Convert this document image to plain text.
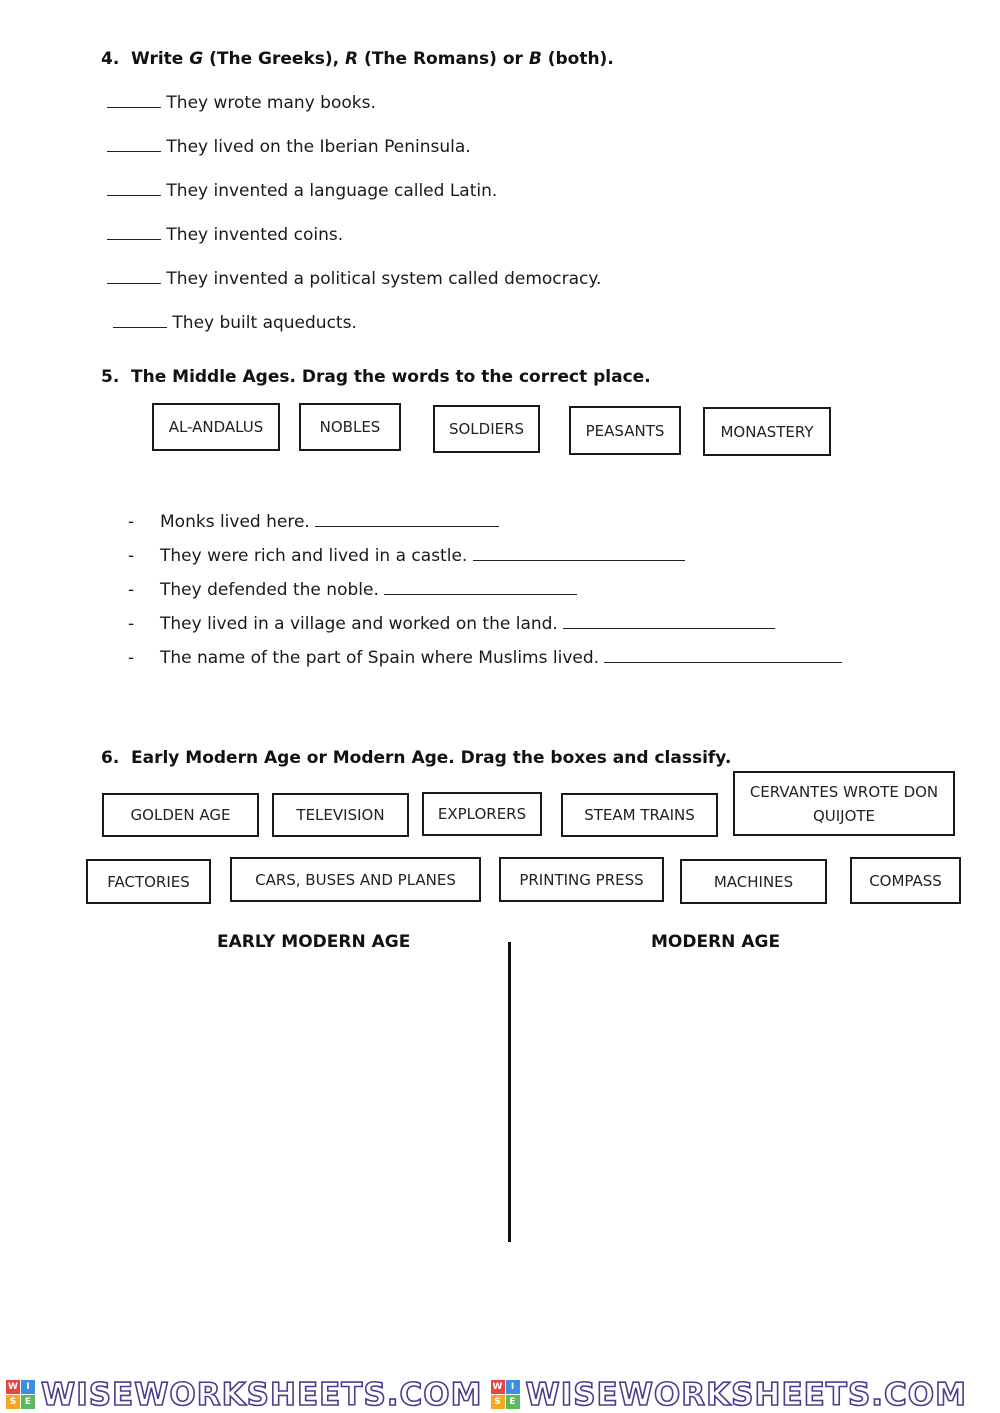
4. Write G (The Greeks), R (The Romans) or B (both).
They wrote many books.
They lived on the Iberian Peninsula.
They invented a language called Latin.
They invented coins.
They invented a political system called democracy.
They built aqueducts.
5. The Middle Ages. Drag the words to the correct place.
AL-ANDALUS	NOBLES	SOLDIERS	PEASANTS	MONASTERY
- Monks lived here.
- They were rich and lived in a castle.
- They defended the noble.
- They lived in a village and worked on the land.
- The name of the part of Spain where Muslims lived.
6. Early Modern Age or Modern Age. Drag the boxes and classify.
GOLDEN AGE	TELEVISION	EXPLORERS	STEAM TRAINS
CERVANTES WROTE DON QUIJOTE
FACTORIES	CARS, BUSES AND PLANES	PRINTING PRESS	MACHINES	COMPASS
EARLY MODERN AGE	MODERN AGE
W I
S E WISEWORKSHEETS.COM W I
S E WISEWORKSHEETS.COM
